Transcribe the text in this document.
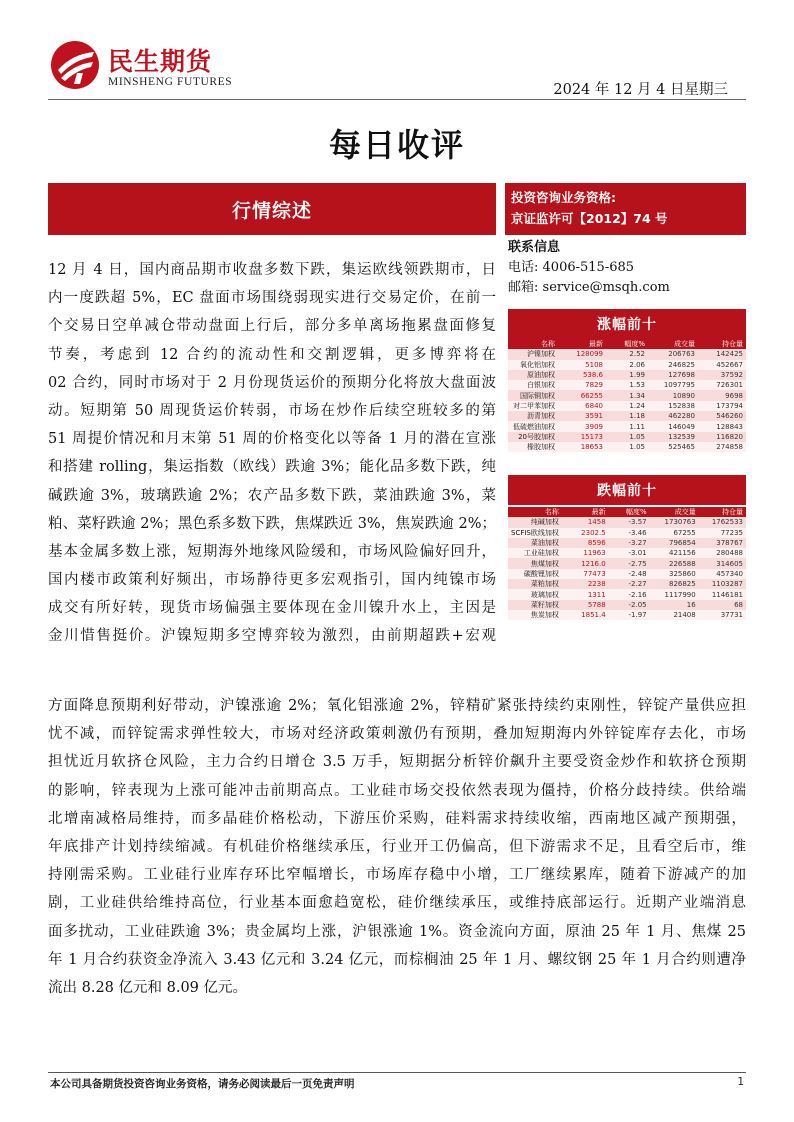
民生期货
MINSHENG FUTURES	2024 年 12 月 4 日星期三
每日收评
行情综述
投资咨询业务资格:
京证监许可【2012】74 号
联系信息
电话: 4006-515-685
邮箱: service@msqh.com
涨幅前十
名称	最新	幅度%	成交量	持仓量
沪镍加权	128099	2.52	206763	142425
氧化铝加权	5108	2.06	246825	452667
原油加权	538.6	1.99	127698	37592
白银加权	7829	1.53	1097795	726301
国际铜加权	66255	1.34	10890	9698
对二甲苯加权	6840	1.24	152838	173794
沥青加权	3591	1.18	462280	546260
低硫燃油加权	3909	1.11	146049	128843
20号胶加权	15173	1.05	132539	116820
橡胶加权	18653	1.05	525465	274858
跌幅前十
名称	最新	幅度%	成交量	持仓量
纯碱加权	1458	-3.57	1730763	1762533
SCFIS欧线加权	2302.5	-3.46	67255	77235
菜油加权	8596	-3.27	796854	378767
工业硅加权	11963	-3.01	421156	280488
焦煤加权	1216.0	-2.75	226588	314605
碳酸锂加权	77473	-2.48	325860	457340
菜粕加权	2238	-2.27	826825	1103287
玻璃加权	1311	-2.16	1117990	1146181
菜籽加权	5788	-2.05	16	68
焦炭加权	1851.4	-1.97	21408	37731
12 月 4 日，国内商品期市收盘多数下跌，集运欧线领跌期市，日
内一度跌超 5%，EC 盘面市场围绕弱现实进行交易定价，在前一
个交易日空单减仓带动盘面上行后，部分多单离场拖累盘面修复
节奏，考虑到 12 合约的流动性和交割逻辑，更多博弈将在
02 合约，同时市场对于 2 月份现货运价的预期分化将放大盘面波
动。短期第 50 周现货运价转弱，市场在炒作后续空班较多的第
51 周提价情况和月末第 51 周的价格变化以等备 1 月的潜在宣涨
和搭建 rolling，集运指数（欧线）跌逾 3%；能化品多数下跌，纯
碱跌逾 3%，玻璃跌逾 2%；农产品多数下跌，菜油跌逾 3%，菜
粕、菜籽跌逾 2%；黑色系多数下跌，焦煤跌近 3%，焦炭跌逾 2%；
基本金属多数上涨，短期海外地缘风险缓和，市场风险偏好回升，
国内楼市政策利好频出，市场静待更多宏观指引，国内纯镍市场
成交有所好转，现货市场偏强主要体现在金川镍升水上，主因是
金川惜售挺价。沪镍短期多空博弈较为激烈，由前期超跌+宏观
方面降息预期利好带动，沪镍涨逾 2%；氧化铝涨逾 2%，锌精矿紧张持续约束刚性，锌锭产量供应担
忧不减，而锌锭需求弹性较大，市场对经济政策刺激仍有预期，叠加短期海内外锌锭库存去化，市场
担忧近月软挤仓风险，主力合约日增仓 3.5 万手，短期据分析锌价飙升主要受资金炒作和软挤仓预期
的影响，锌表现为上涨可能冲击前期高点。工业硅市场交投依然表现为僵持，价格分歧持续。供给端
北增南减格局维持，而多晶硅价格松动，下游压价采购，硅料需求持续收缩，西南地区减产预期强，
年底排产计划持续缩减。有机硅价格继续承压，行业开工仍偏高，但下游需求不足，且看空后市，维
持刚需采购。工业硅行业库存环比窄幅增长，市场库存稳中小增，工厂继续累库，随着下游减产的加
剧，工业硅供给维持高位，行业基本面愈趋宽松，硅价继续承压，或维持底部运行。近期产业端消息
面多扰动，工业硅跌逾 3%；贵金属均上涨，沪银涨逾 1%。资金流向方面，原油 25 年 1 月、焦煤 25
年 1 月合约获资金净流入 3.43 亿元和 3.24 亿元，而棕榈油 25 年 1 月、螺纹钢 25 年 1 月合约则遭净
流出 8.28 亿元和 8.09 亿元。
本公司具备期货投资咨询业务资格，请务必阅读最后一页免责声明	1
